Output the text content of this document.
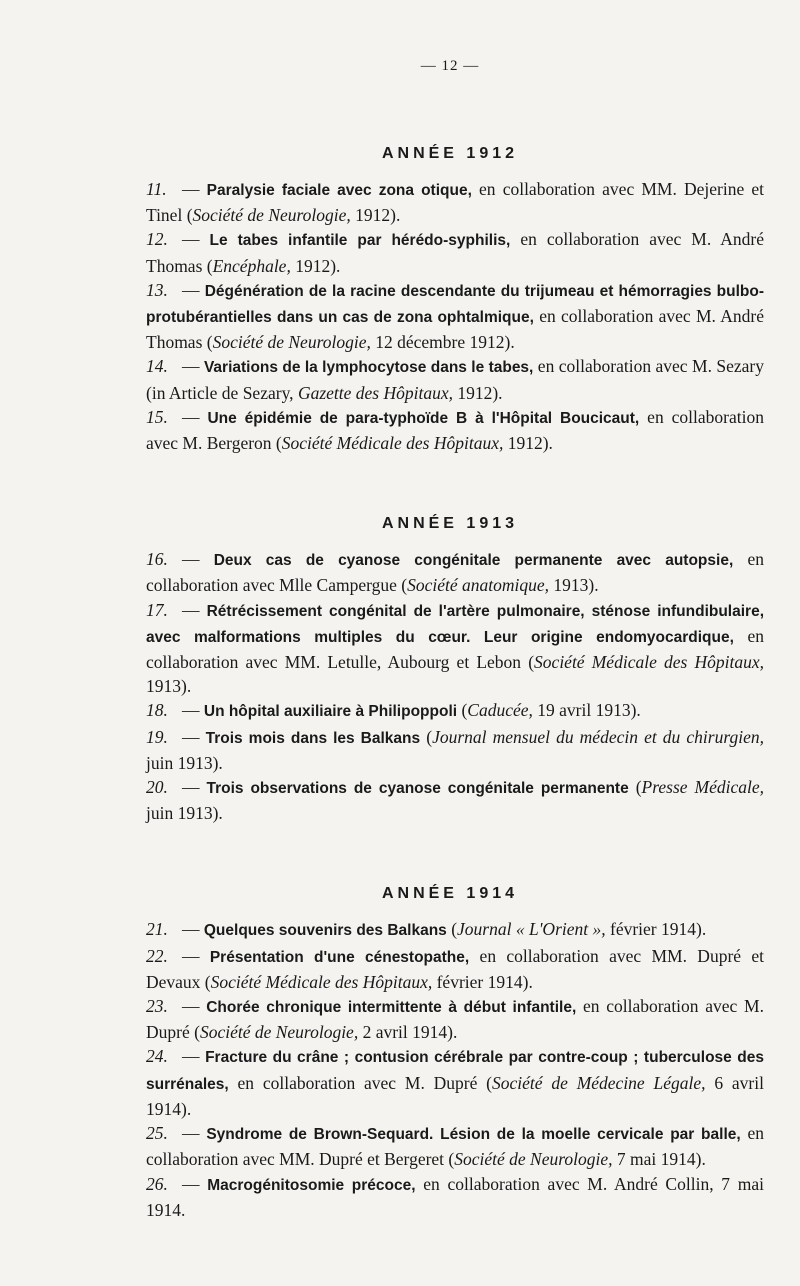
— 12 —
ANNÉE 1912

11. — Paralysie faciale avec zona otique, en collaboration avec MM. Dejerine et Tinel (Société de Neurologie, 1912).

12. — Le tabes infantile par hérédo-syphilis, en collaboration avec M. André Thomas (Encéphale, 1912).

13. — Dégénération de la racine descendante du trijumeau et hémorragies bulbo-protubérantielles dans un cas de zona ophtalmique, en collaboration avec M. André Thomas (Société de Neurologie, 12 décembre 1912).

14. — Variations de la lymphocytose dans le tabes, en collaboration avec M. Sezary (in Article de Sezary, Gazette des Hôpitaux, 1912).

15. — Une épidémie de para-typhoïde B à l'Hôpital Boucicaut, en collaboration avec M. Bergeron (Société Médicale des Hôpitaux, 1912).

ANNÉE 1913

16. — Deux cas de cyanose congénitale permanente avec autopsie, en collaboration avec Mlle Campergue (Société anatomique, 1913).

17. — Rétrécissement congénital de l'artère pulmonaire, sténose infundibulaire, avec malformations multiples du cœur. Leur origine endomyocardique, en collaboration avec MM. Letulle, Aubourg et Lebon (Société Médicale des Hôpitaux, 1913).

18. — Un hôpital auxiliaire à Philipoppoli (Caducée, 19 avril 1913).

19. — Trois mois dans les Balkans (Journal mensuel du médecin et du chirurgien, juin 1913).

20. — Trois observations de cyanose congénitale permanente (Presse Médicale, juin 1913).

ANNÉE 1914

21. — Quelques souvenirs des Balkans (Journal « L'Orient », février 1914).

22. — Présentation d'une cénestopathe, en collaboration avec MM. Dupré et Devaux (Société Médicale des Hôpitaux, février 1914).

23. — Chorée chronique intermittente à début infantile, en collaboration avec M. Dupré (Société de Neurologie, 2 avril 1914).

24. — Fracture du crâne ; contusion cérébrale par contre-coup ; tuberculose des surrénales, en collaboration avec M. Dupré (Société de Médecine Légale, 6 avril 1914).

25. — Syndrome de Brown-Sequard. Lésion de la moelle cervicale par balle, en collaboration avec MM. Dupré et Bergeret (Société de Neurologie, 7 mai 1914).

26. — Macrogénitosomie précoce, en collaboration avec M. André Collin, 7 mai 1914.
